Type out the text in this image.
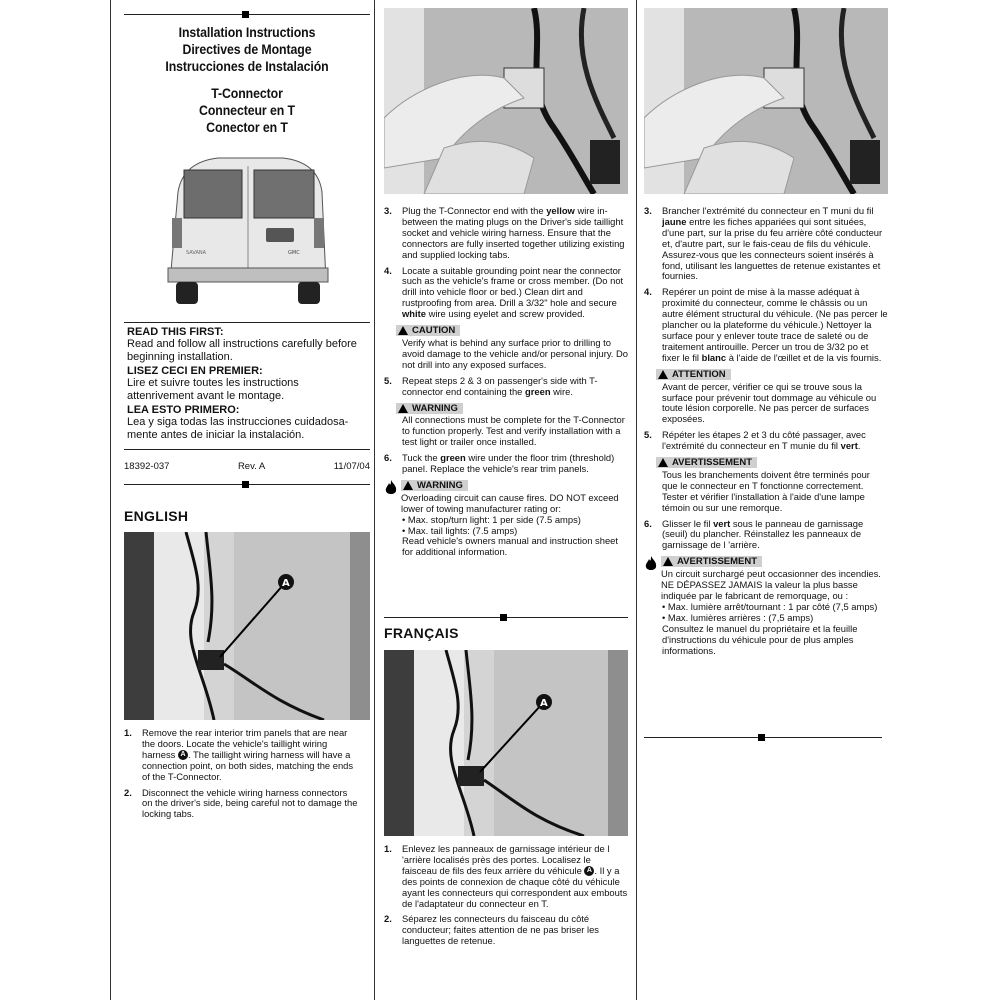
Installation Instructions
Directives de Montage
Instrucciones de Instalación
T-Connector
Connecteur en T
Conector en T
SAVANA	GMC
READ THIS FIRST:
Read and follow all instructions carefully before beginning installation.
LISEZ CECI EN PREMIER:
Lire et suivre toutes les instructions attenrivement avant le montage.
LEA ESTO PRIMERO:
Lea y siga todas las instrucciones cuidadosa-mente antes de iniciar la instalación.
18392-037	Rev. A	11/07/04
ENGLISH
A
1.	Remove the rear interior trim panels that are near the doors. Locate the vehicle's taillight wiring harness A . The taillight wiring harness will have a connection point, on both sides, matching the ends of the T-Connector.
2.	Disconnect the vehicle wiring harness connectors on the driver's side, being careful not to damage the locking tabs.
3.	Plug the T-Connector end with the yellow wire in-between the mating plugs on the Driver's side taillight socket and vehicle wiring harness. Ensure that the connectors are fully inserted together utilizing existing and supplied locking tabs.
4.	Locate a suitable grounding point near the connector such as the vehicle's frame or cross member. (Do not drill into vehicle floor or bed.) Clean dirt and rustproofing from area. Drill a 3/32" hole and secure white wire using eyelet and screw provided.
CAUTION
Verify what is behind any surface prior to drilling to avoid damage to the vehicle and/or personal injury. Do not drill into any exposed surfaces.
5.	Repeat steps 2 & 3 on passenger's side with T-connector end containing the green wire.
WARNING
All connections must be complete for the T-Connector to function properly. Test and verify installation with a test light or trailer once installed.
6.	Tuck the green wire under the floor trim (threshold) panel. Replace the vehicle's rear trim panels.
WARNING
Overloading circuit can cause fires. DO NOT exceed lower of towing manufacturer rating or:
• Max. stop/turn light: 1 per side (7.5 amps)
• Max. tail lights: (7.5 amps)
Read vehicle's owners manual and instruction sheet for additional information.
FRANÇAIS
A
1.	Enlevez les panneaux de garnissage intérieur de l 'arrière localisés près des portes. Localisez le faisceau de fils des feux arrière du véhicule A . Il y a des points de connexion de chaque côté du véhicule ayant les connecteurs qui correspondent aux embouts de l'adaptateur du connecteur en T.
2.	Séparez les connecteurs du faisceau du côté conducteur; faites attention de ne pas briser les languettes de retenue.
3.	Brancher l'extrémité du connecteur en T muni du fil jaune entre les fiches appariées qui sont situées, d'une part, sur la prise du feu arrière côté conducteur et, d'autre part, sur le fais-ceau de fils du véhicule. Assurez-vous que les connecteurs soient insérés à fond, utilisant les languettes de retenue existantes et fournies.
4.	Repérer un point de mise à la masse adéquat à proximité du connecteur, comme le châssis ou un autre élément structural du véhicule. (Ne pas percer le plancher ou la plateforme du véhicule.) Nettoyer la surface pour y enlever toute trace de saleté ou de traitement antirouille. Percer un trou de 3/32 po et fixer le fil blanc à l'aide de l'œillet et de la vis fournis.
ATTENTION
Avant de percer, vérifier ce qui se trouve sous la surface pour prévenir tout dommage au véhicule ou toute lésion corporelle. Ne pas percer de surfaces exposées.
5.	Répéter les étapes 2 et 3 du côté passager, avec l'extrémité du connecteur en T munie du fil vert.
AVERTISSEMENT
Tous les branchements doivent être terminés pour que le connecteur en T fonctionne correctement. Tester et vérifier l'installation à l'aide d'une lampe témoin ou sur une remorque.
6.	Glisser le fil vert sous le panneau de garnissage (seuil) du plancher. Réinstallez les panneaux de garnissage de l 'arrière.
AVERTISSEMENT
Un circuit surchargé peut occasionner des incendies. NE DÉPASSEZ JAMAIS la valeur la plus basse indiquée par le fabricant de remorquage, ou :
• Max. lumière arrêt/tournant : 1 par côté (7,5 amps)
• Max. lumières arrières : (7,5 amps)
Consultez le manuel du propriétaire et la feuille d'instructions du véhicule pour de plus amples informations.
